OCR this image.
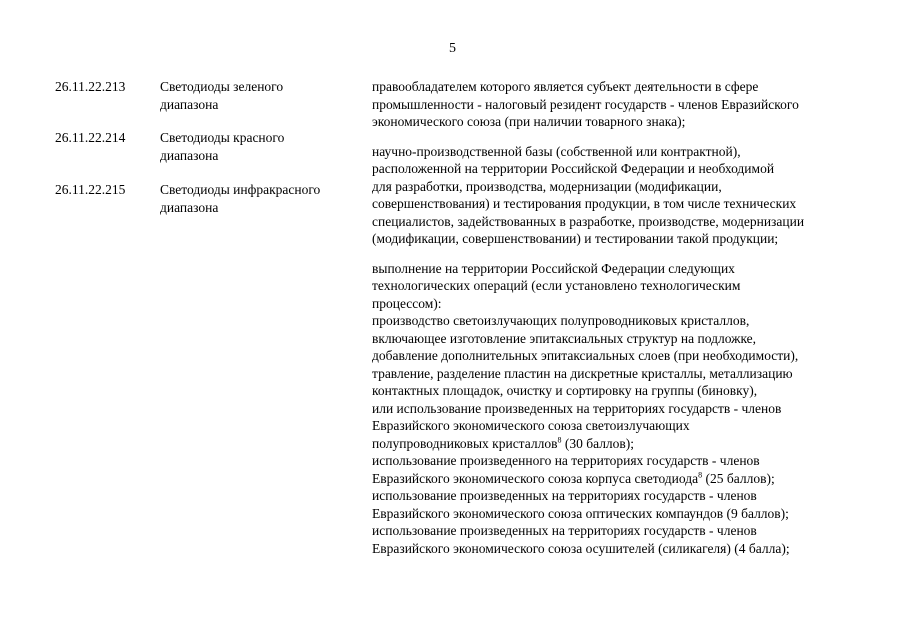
5
26.11.22.213
26.11.22.214
26.11.22.215
Светодиоды зеленого
диапазона
Светодиоды красного
диапазона
Светодиоды инфракрасного
диапазона

правообладателем которого является субъект деятельности в сфере
промышленности - налоговый резидент государств - членов Евразийского
экономического союза (при наличии товарного знака);

научно-производственной базы (собственной или контрактной),
расположенной на территории Российской Федерации и необходимой
для разработки, производства, модернизации (модификации,
совершенствования) и тестирования продукции, в том числе технических
специалистов, задействованных в разработке, производстве, модернизации
(модификации, совершенствовании) и тестировании такой продукции;

выполнение на территории Российской Федерации следующих
технологических операций (если установлено технологическим
процессом):
производство светоизлучающих полупроводниковых кристаллов,
включающее изготовление эпитаксиальных структур на подложке,
добавление дополнительных эпитаксиальных слоев (при необходимости),
травление, разделение пластин на дискретные кристаллы, металлизацию
контактных площадок, очистку и сортировку на группы (биновку),
или использование произведенных на территориях государств - членов
Евразийского экономического союза светоизлучающих
полупроводниковых кристаллов$^8$ (30 баллов);
использование произведенного на территориях государств - членов
Евразийского экономического союза корпуса светодиода$^8$ (25 баллов);
использование произведенных на территориях государств - членов
Евразийского экономического союза оптических компаундов (9 баллов);
использование произведенных на территориях государств - членов
Евразийского экономического союза осушителей (силикагеля) (4 балла);
